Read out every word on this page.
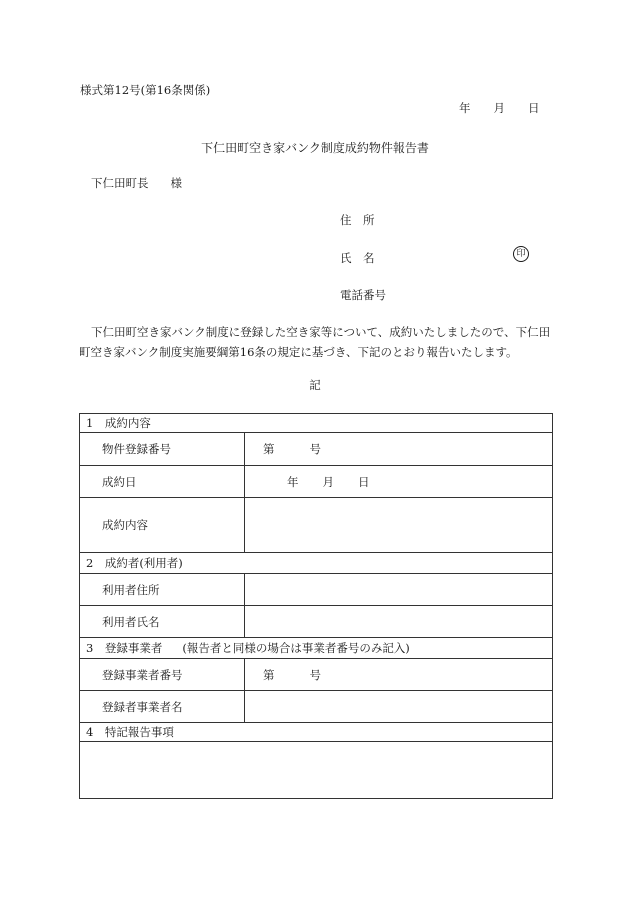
様式第12号(第16条関係)
年 月 日
下仁田町空き家バンク制度成約物件報告書
下仁田町長 様
住　所
氏　名	印
電話番号
下仁田町空き家バンク制度に登録した空き家等について、成約いたしましたので、下仁田町空き家バンク制度実施要綱第16条の規定に基づき、下記のとおり報告いたします。
記
1　成約内容	
物件登録番号	第 号
成約日	年 月 日
成約内容	
2　成約者(利用者)	
利用者住所	
利用者氏名	
3　登録事業者 (報告者と同様の場合は事業者番号のみ記入)	
登録事業者番号	第 号
登録者事業者名	
4　特記報告事項	
